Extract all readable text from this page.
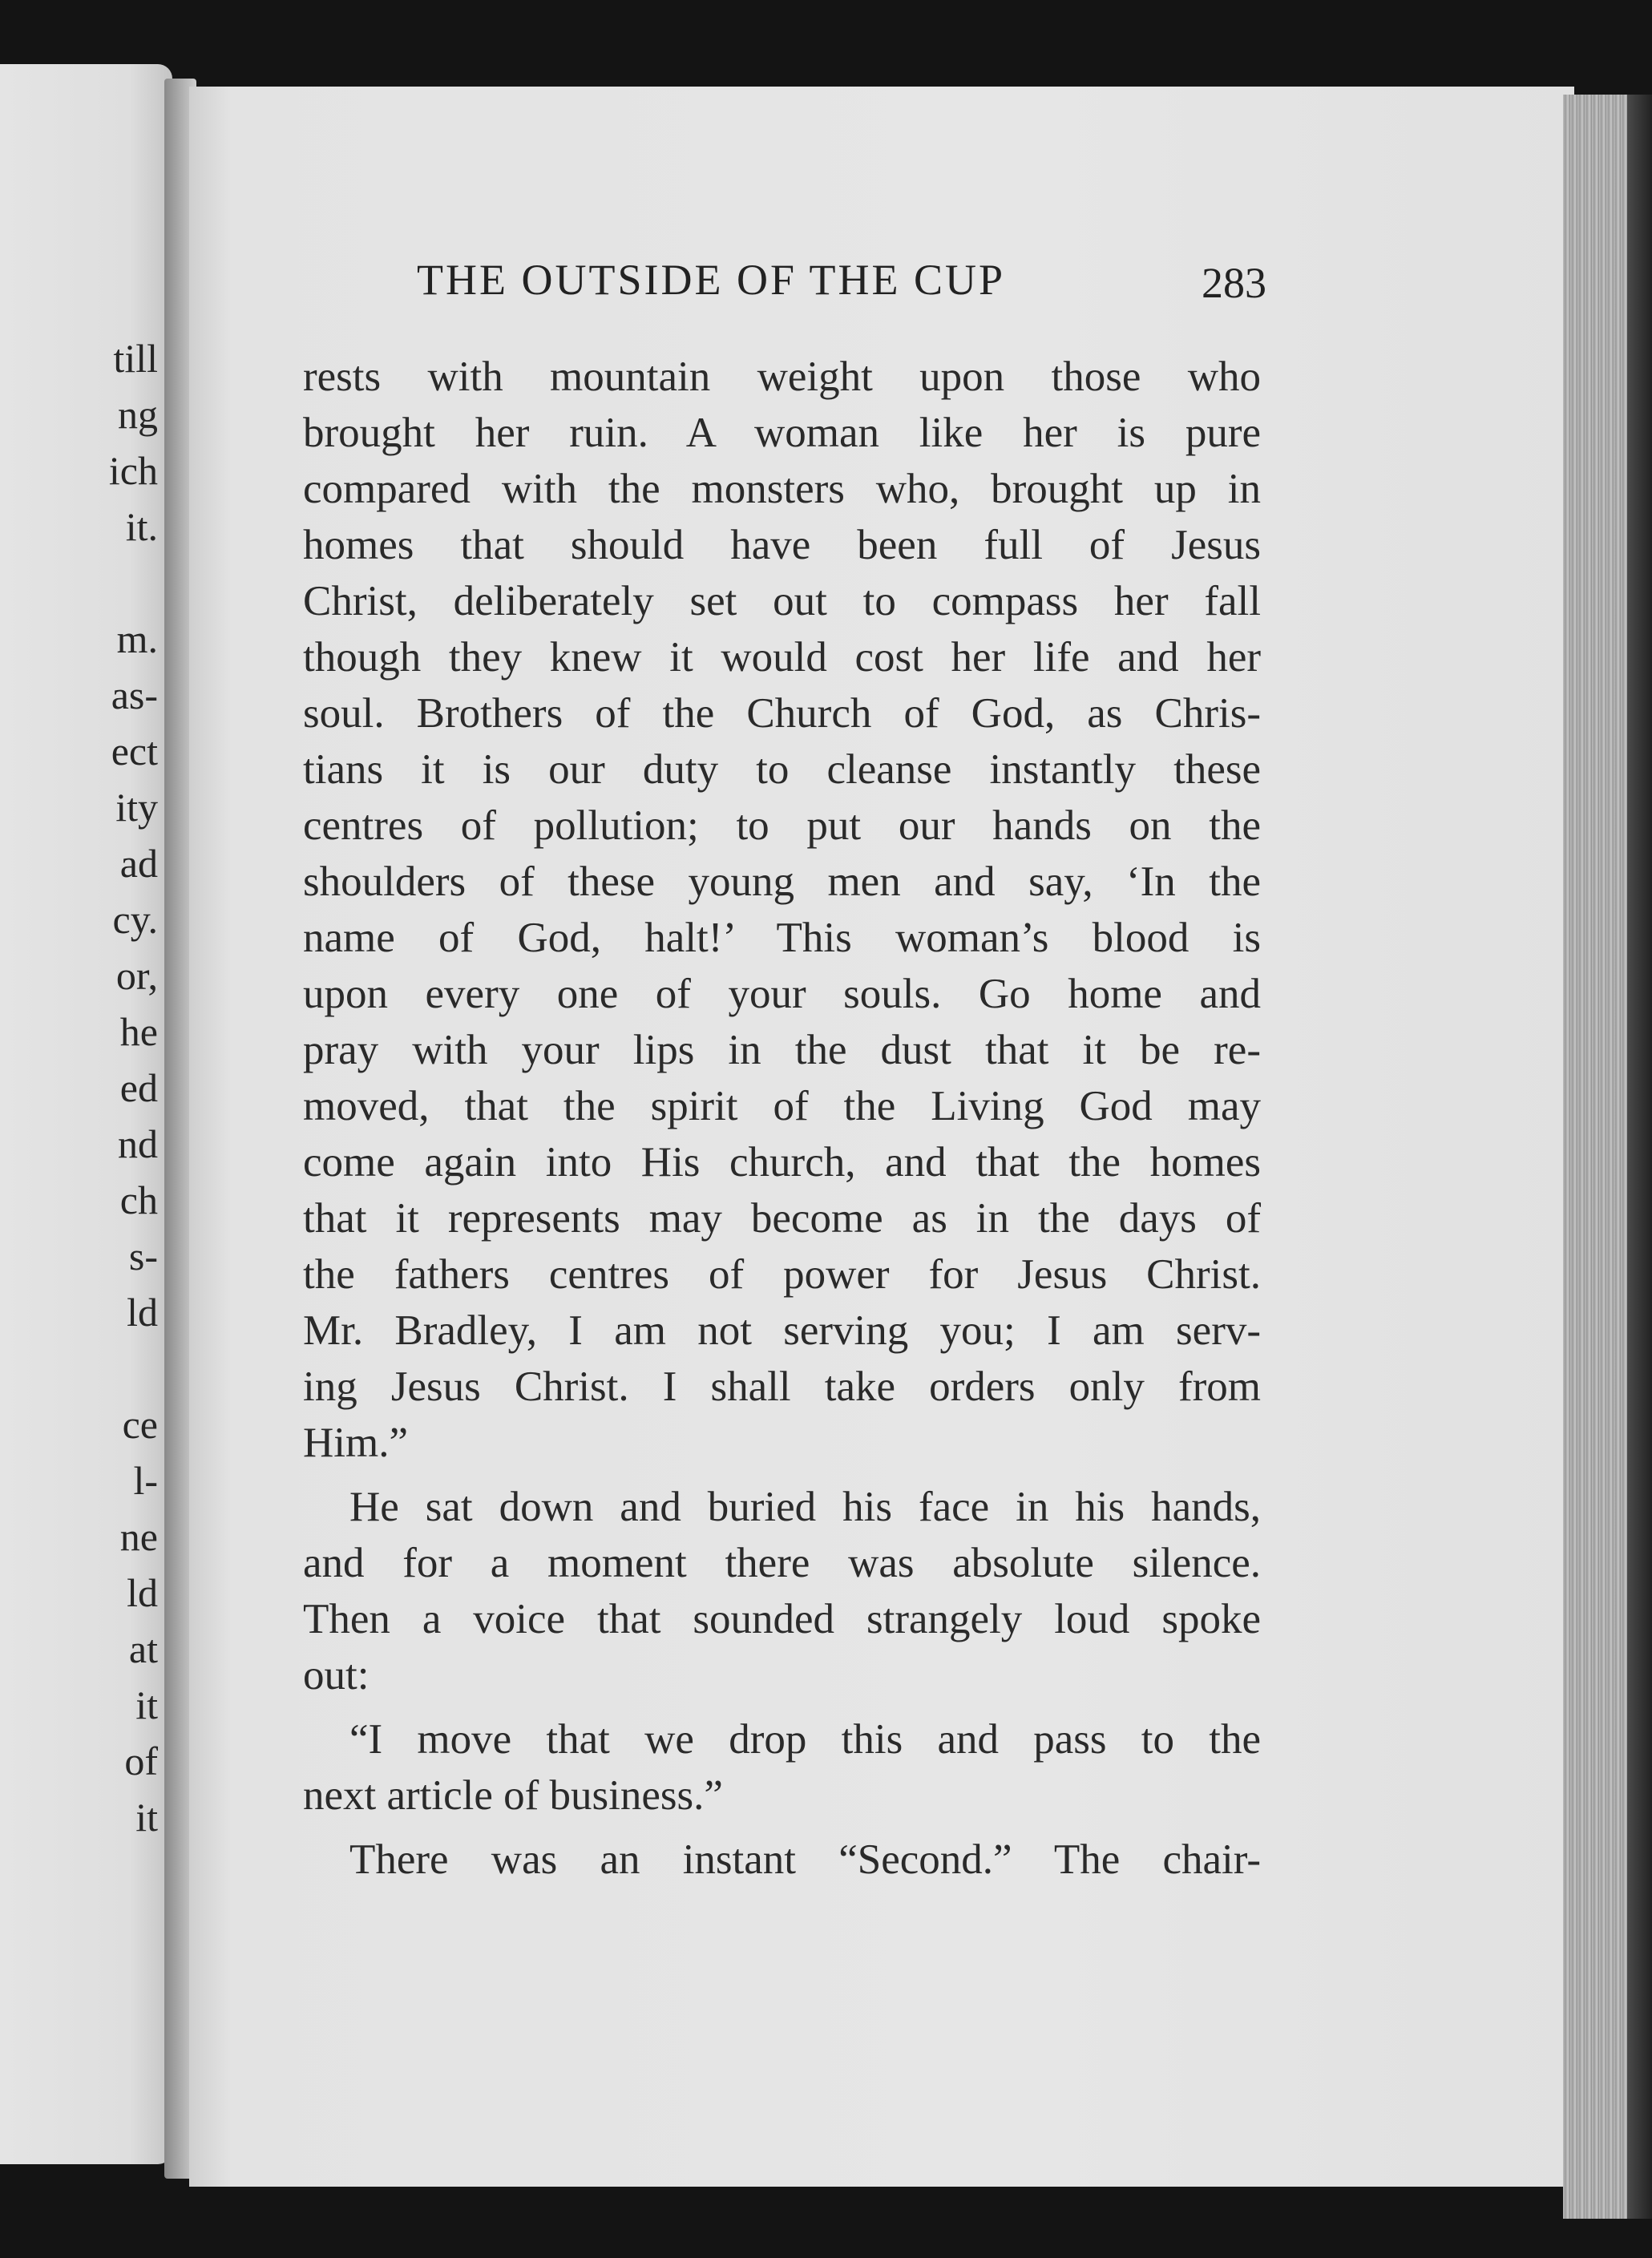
till
ng
ich
it.
m.
as-
ect
ity
ad
cy.
or,
he
ed
nd
ch
s-
ld
ce
l-
ne
ld
at
it
of
it
THE OUTSIDE OF THE CUP	283
rests with mountain weight upon those who
brought her ruin. A woman like her is pure
compared with the monsters who, brought up in
homes that should have been full of Jesus
Christ, deliberately set out to compass her fall
though they knew it would cost her life and her
soul. Brothers of the Church of God, as Chris-
tians it is our duty to cleanse instantly these
centres of pollution; to put our hands on the
shoulders of these young men and say, ‘In the
name of God, halt!’ This woman’s blood is
upon every one of your souls. Go home and
pray with your lips in the dust that it be re-
moved, that the spirit of the Living God may
come again into His church, and that the homes
that it represents may become as in the days of
the fathers centres of power for Jesus Christ.
Mr. Bradley, I am not serving you; I am serv-
ing Jesus Christ. I shall take orders only from
Him.”
He sat down and buried his face in his hands,
and for a moment there was absolute silence.
Then a voice that sounded strangely loud spoke
out:
“I move that we drop this and pass to the
next article of business.”
There was an instant “Second.” The chair-
